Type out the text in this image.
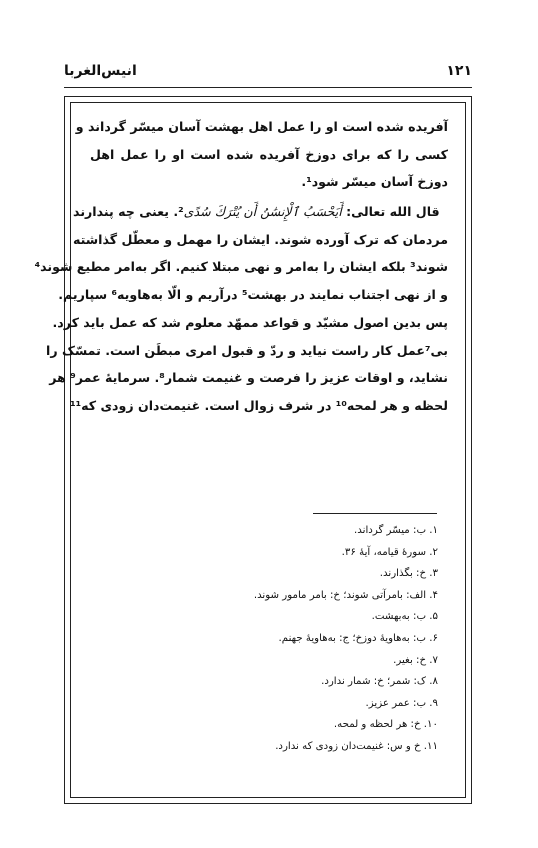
انیس‌الغربا	۱۲۱
آفریده شده است او را عمل اهل بهشت آسان میسّر گرداند و
کسی را که برای دوزخ آفریده شده است او را عمل اهل
دوزخ آسان میسّر شود¹.
  قال الله تعالی: أَيَحْسَبُ ٱلْإِنسَٰنُ أَن يُتْرَكَ سُدًى². یعنی چه پندارند
مردمان که ترک آورده شوند. ایشان را مهمل و معطّل گذاشته
شوند³ بلکه ایشان را به‌امر و نهی مبتلا کنیم. اگر به‌امر مطیع شوند⁴
و از نهی اجتناب نمایند در بهشت⁵ درآریم و الّا به‌هاویه⁶ سپاریم.
پس بدین اصول مشیّد و قواعد ممهّد معلوم شد که عمل باید کرد.
بی⁷عمل کار راست نیاید و ردّ و قبول امری مبطَن است. تمسّک را
نشاید، و اوقات عزیز را فرصت و غنیمت شمار⁸. سرمایهٔ عمر⁹ هر
لحظه و هر لمحه¹⁰ در شرف زوال است. غنیمت‌دان زودی که¹¹
۱. ب: میسّر گرداند.
۲. سورهٔ قیامه، آیهٔ ۳۶.
۳. خ: بگذارند.
۴. الف: بامرآتی شوند؛ خ: بامر مامور شوند.
۵. ب: به‌بهشت.
۶. ب: به‌هاویهٔ دوزخ؛ ج: به‌هاویهٔ جهنم.
۷. خ: بغیر.
۸. ک: شمر؛ خ: شمار ندارد.
۹. ب: عمر عزیز.
۱۰. خ: هر لحظه و لمحه.
۱۱. خ و س: غنیمت‌دان زودی که ندارد.
